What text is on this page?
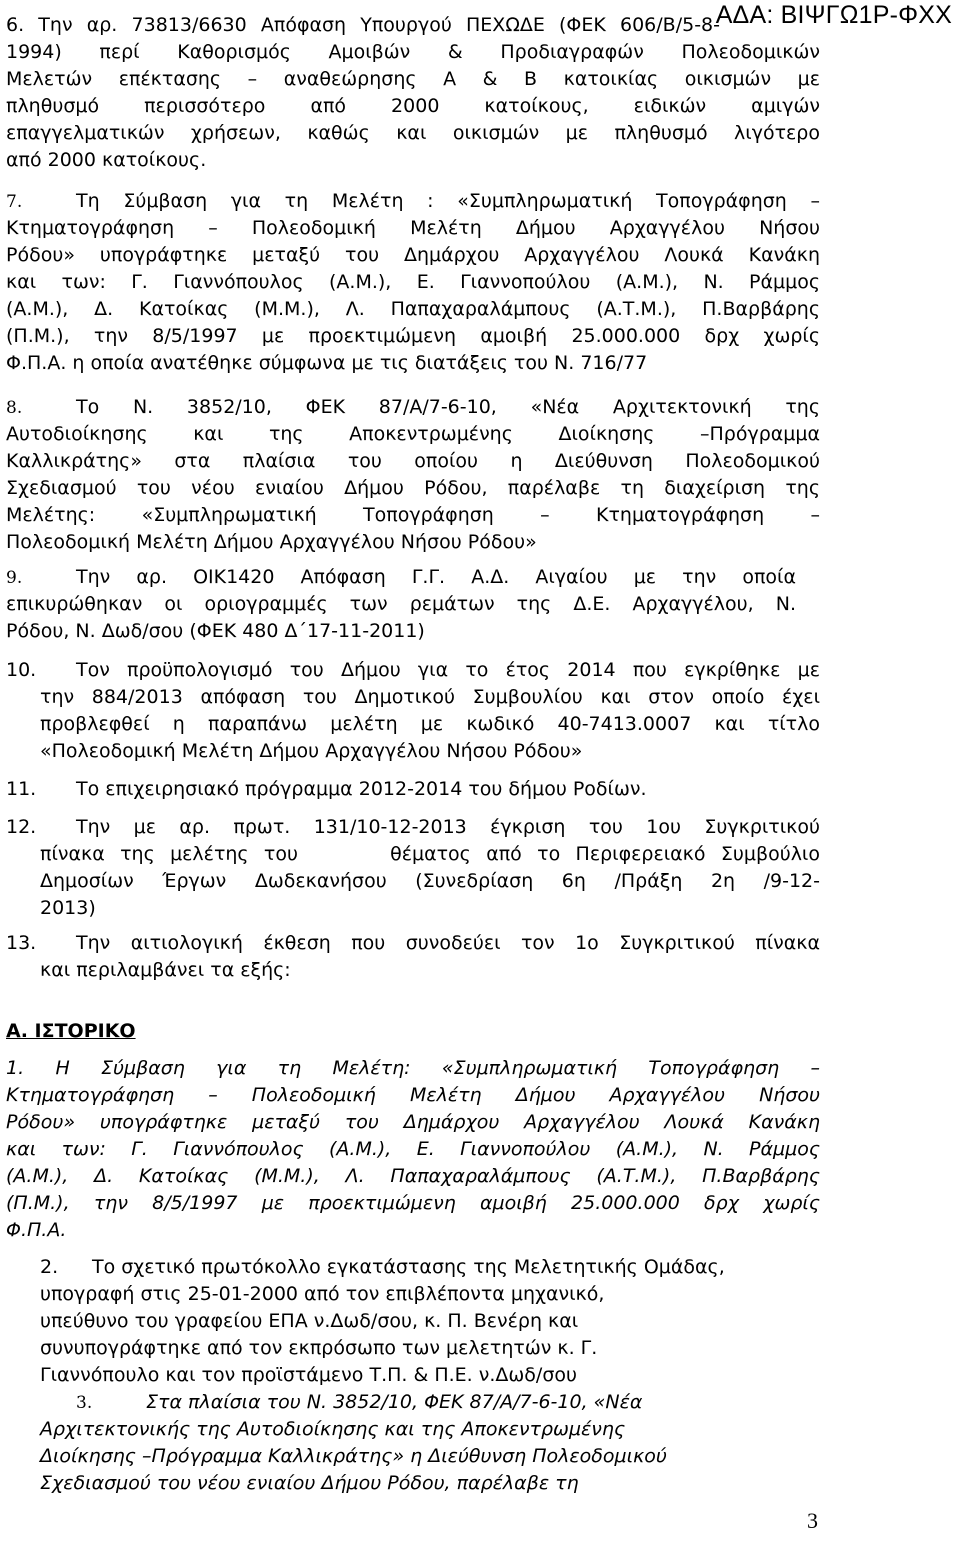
ΑΔΑ: ΒΙΨΓΩ1Ρ-ΦΧΧ
6. Την αρ. 73813/6630 Απόφαση Υπουργού ΠΕΧΩΔΕ (ΦΕΚ 606/Β/5-8-
1994) περί Καθορισμός Αμοιβών & Προδιαγραφών Πολεοδομικών
Μελετών επέκτασης – αναθεώρησης Α & Β κατοικίας οικισμών με
πληθυσμό περισσότερο από 2000 κατοίκους, ειδικών αμιγών
επαγγελματικών χρήσεων, καθώς και οικισμών με πληθυσμό λιγότερο
από 2000 κατοίκους.
7.	Τη Σύμβαση για τη Μελέτη : «Συμπληρωματική Τοπογράφηση –
Κτηματογράφηση – Πολεοδομική Μελέτη Δήμου Αρχαγγέλου Νήσου
Ρόδου» υπογράφτηκε μεταξύ του Δημάρχου Αρχαγγέλου Λουκά Κανάκη
και των: Γ. Γιαννόπουλος (Α.Μ.), Ε. Γιαννοπούλου (Α.Μ.), Ν. Ράμμος
(Α.Μ.), Δ. Κατοίκας (Μ.Μ.), Λ. Παπαχαραλάμπους (Α.Τ.Μ.), Π.Βαρβάρης
(Π.Μ.), την 8/5/1997 με προεκτιμώμενη αμοιβή 25.000.000 δρχ χωρίς
Φ.Π.Α. η οποία ανατέθηκε σύμφωνα με τις διατάξεις του Ν. 716/77
8.	Το Ν. 3852/10, ΦΕΚ 87/Α/7-6-10, «Νέα Αρχιτεκτονική της
Αυτοδιοίκησης και της Αποκεντρωμένης Διοίκησης –Πρόγραμμα
Καλλικράτης» στα πλαίσια του οποίου η Διεύθυνση Πολεοδομικού
Σχεδιασμού του νέου ενιαίου Δήμου Ρόδου, παρέλαβε τη διαχείριση της
Μελέτης: «Συμπληρωματική Τοπογράφηση – Κτηματογράφηση –
Πολεοδομική Μελέτη Δήμου Αρχαγγέλου Νήσου Ρόδου»
9.	Την αρ. ΟΙΚ1420 Απόφαση Γ.Γ. Α.Δ. Αιγαίου με την οποία
επικυρώθηκαν οι οριογραμμές των ρεμάτων της Δ.Ε. Αρχαγγέλου, Ν.
Ρόδου, Ν. Δωδ/σου (ΦΕΚ 480 Δ΄17-11-2011)
10. Τον προϋπολογισμό του Δήμου για το έτος 2014 που εγκρίθηκε με
την 884/2013 απόφαση του Δημοτικού Συμβουλίου και στον οποίο έχει
προβλεφθεί η παραπάνω μελέτη με κωδικό 40-7413.0007 και τίτλο
«Πολεοδομική Μελέτη Δήμου Αρχαγγέλου Νήσου Ρόδου»
11. Το επιχειρησιακό πρόγραμμα 2012-2014 του δήμου Ροδίων.
12. Την με αρ. πρωτ. 131/10-12-2013 έγκριση του 1ου Συγκριτικού
πίνακα της μελέτης του      θέματος από το Περιφερειακό Συμβούλιο
Δημοσίων Έργων Δωδεκανήσου (Συνεδρίαση 6η /Πράξη 2η /9-12-
2013)
13. Την αιτιολογική έκθεση που συνοδεύει τον 1ο Συγκριτικού πίνακα
και περιλαμβάνει τα εξής:
Α. ΙΣΤΟΡΙΚΟ
1. Η Σύμβαση για τη Μελέτη: «Συμπληρωματική Τοπογράφηση –
Κτηματογράφηση – Πολεοδομική Μελέτη Δήμου Αρχαγγέλου Νήσου
Ρόδου» υπογράφτηκε μεταξύ του Δημάρχου Αρχαγγέλου Λουκά Κανάκη
και των: Γ. Γιαννόπουλος (Α.Μ.), Ε. Γιαννοπούλου (Α.Μ.), Ν. Ράμμος
(Α.Μ.), Δ. Κατοίκας (Μ.Μ.), Λ. Παπαχαραλάμπους (Α.Τ.Μ.), Π.Βαρβάρης
(Π.Μ.), την 8/5/1997 με προεκτιμώμενη αμοιβή 25.000.000 δρχ χωρίς
Φ.Π.Α.
2. Το σχετικό πρωτόκολλο εγκατάστασης της Μελετητικής Ομάδας,
υπογραφή στις 25-01-2000 από τον επιβλέποντα μηχανικό,
υπεύθυνο του γραφείου ΕΠΑ ν.Δωδ/σου, κ. Π. Βενέρη και
συνυπογράφτηκε από τον εκπρόσωπο των μελετητών κ. Γ.
Γιαννόπουλο και τον προϊστάμενο Τ.Π. & Π.Ε. ν.Δωδ/σου
3.	Στα πλαίσια του Ν. 3852/10, ΦΕΚ 87/Α/7-6-10, «Νέα
Αρχιτεκτονικής της Αυτοδιοίκησης και της Αποκεντρωμένης
Διοίκησης –Πρόγραμμα Καλλικράτης» η Διεύθυνση Πολεοδομικού
Σχεδιασμού του νέου ενιαίου Δήμου Ρόδου, παρέλαβε τη
3
